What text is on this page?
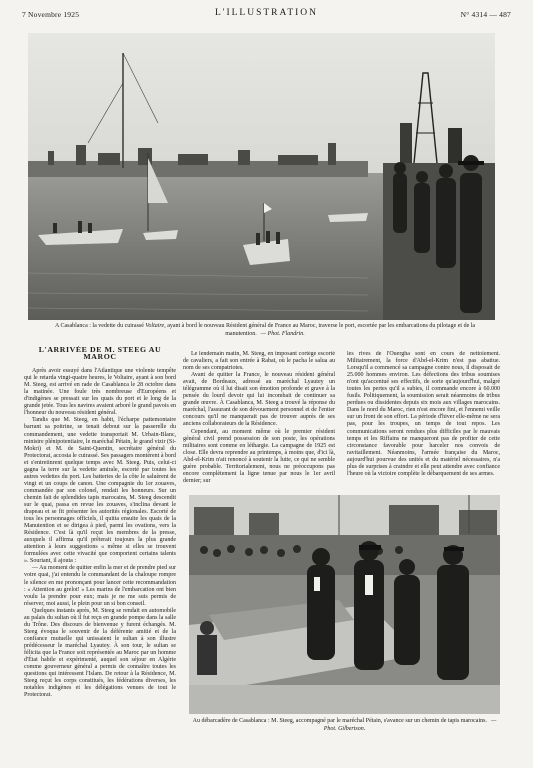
7 Novembre 1925	L'ILLUSTRATION	N° 4314 — 487
A Casablanca : la vedette du cuirassé Voltaire, ayant à bord le nouveau Résident général de France au Maroc, traverse le port, escortée par les embarcations du pilotage et de la manutention. — Phot. Flandrin.
L'ARRIVÉE DE M. STEEG AU MAROC

Après avoir essuyé dans l'Atlantique une violente tempête qui le retarda vingt-quatre heures, le Voltaire, ayant à son bord M. Steeg, est arrivé en rade de Casablanca le 28 octobre dans la matinée. Une foule très nombreuse d'Européens et d'indigènes se pressait sur les quais du port et le long de la grande jetée. Tous les navires avaient arboré le grand pavois en l'honneur du nouveau résident général.

Tandis que M. Steeg, en habit, l'écharpe pattemontaire barrant sa poitrine, se tenait debout sur la passerelle du commandement, une vedette transportait M. Urbain-Blanc, ministre plénipotentiaire, le maréchal Pétain, le grand vizir (Si-Mokri) et M. de Saint-Quentin, secrétaire général du Protectorat, accosta le cuirassé. Ses passagers montèrent à bord et s'entretinrent quelque temps avec M. Steeg. Puis, celui-ci gagna la terre sur la vedette amirale, escorté par toutes les autres vedettes du port. Les batteries de la côte le saluèrent de vingt et un coups de canon. Une compagnie du 1er zouaves, commandée par son colonel, rendait les honneurs. Sur un chemin fait de splendides tapis marocains, M. Steeg descendit sur le quai, passa en revue les zouaves, s'inclina devant le drapeau et se fit présenter les autorités régionales. Escorté de tous les personnages officiels, il quitta ensuite les quais de la Manutention et se dirigea à pied, parmi les ovations, vers la Résidence. C'est là qu'il reçut les membres de la presse, auxquels il affirma qu'il prêterait toujours la plus grande attention à leurs suggestions « même si elles se trouvent formulées avec cette vivacité que comportent certains talents ». Souriant, il ajouta :

— Au moment de quitter enfin la mer et de prendre pied sur votre quai, j'ai entendu le commandant de la chaloupe rompre le silence en me prononçant pour lancer cette recommandation : « Attention au grelot! » Les marins de l'embarcation ont bien voulu la prendre pour eux; mais je ne me suis permis de réserver, moi aussi, le plein pour un si bon conseil.

Quelques instants après, M. Steeg se rendait en automobile au palais du sultan où il fut reçu en grande pompe dans la salle du Trône. Des discours de bienvenue y furent échangés. M. Steeg évoqua le souvenir de la déférente amitié et de la confiance mutuelle qui unissaient le sultan à son illustre prédécesseur le maréchal Lyautey. À son tour, le sultan se félicita que la France soit représentée au Maroc par un homme d'État habile et expérimenté, auquel son séjour en Algérie comme gouverneur général a permis de connaître toutes les questions qui intéressent l'Islam. De retour à la Résidence, M. Steeg reçut les corps constitués, les fédérations diverses, les notables indigènes et les délégations venues de tout le Protectorat.

Le lendemain matin, M. Steeg, en imposant cortège escorté de cavaliers, a fait son entrée à Rabat, où le pacha le salua au nom de ses compatriotes.

Avant de quitter la France, le nouveau résident général avait, de Bordeaux, adressé au maréchal Lyautey un télégramme où il lui disait son émotion profonde et grave à la pensée du lourd devoir qui lui incombait de continuer sa grande œuvre. À Casablanca, M. Steeg a trouvé la réponse du maréchal, l'assurant de son dévouement personnel et de l'entier concours qu'il ne manquerait pas de trouver auprès de ses anciens collaborateurs de la Résidence.

Cependant, au moment même où le premier résident général civil prend possession de son poste, les opérations militaires sont comme en léthargie. La campagne de 1925 est close. Elle devra reprendre au printemps, à moins que, d'ici là, Abd-el-Krim n'ait renoncé à soutenir la lutte, ce qui ne semble guère probable. Territorialement, nous ne préoccupons pas encore complètement la ligne tenue par nous le 1er avril dernier; sur

les rives de l'Ouergha sont en cours de nettoiement. Militairement, la force d'Abd-el-Krim n'est pas abattue. Lorsqu'il a commencé sa campagne contre nous, il disposait de 25.000 hommes environ. Les défections des tribus soumises n'ont qu'accentué ses effectifs, de sorte qu'aujourd'hui, malgré toutes les pertes qu'il a subies, il commande encore à 60.000 fusils. Politiquement, la soumission serait néanmoins de tribus perdues ou dissidentes depuis six mois aux villages marocains. Dans le nord du Maroc, rien n'est encore fini, et l'ennemi veille sur un front de son effort. La période d'hiver elle-même ne sera pas, pour les troupes, un temps de tout repos. Les communications seront rendues plus difficiles par le mauvais temps et les Riffains ne manqueront pas de profiter de cette circonstance favorable pour harceler nos convois de ravitaillement. Néanmoins, l'armée française du Maroc, aujourd'hui pourvue des unités et du matériel nécessaires, n'a plus de surprises à craindre et elle peut attendre avec confiance l'heure où la victoire complète le débarquement de ses armes.

Au débarcadère de Casablanca : M. Steeg, accompagné par le maréchal Pétain, s'avance sur un chemin de tapis marocains. — Phot. Gilbertson.
